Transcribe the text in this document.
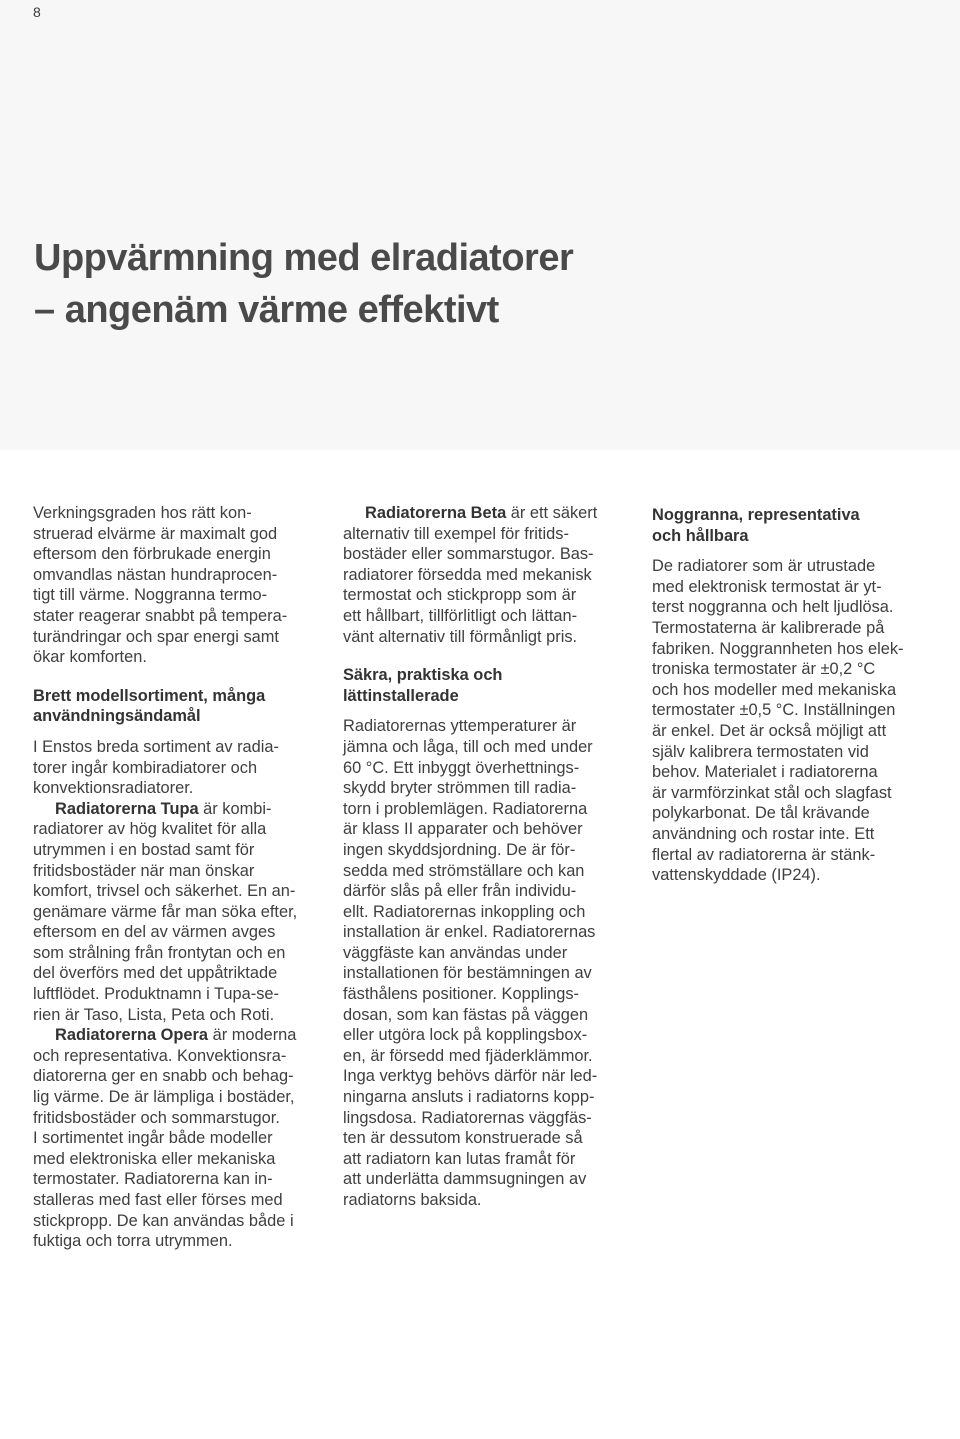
8
Uppvärmning med elradiatorer
– angenäm värme effektivt

Verkningsgraden hos rätt kon-
struerad elvärme är maximalt god
eftersom den förbrukade energin
omvandlas nästan hundraprocen-
tigt till värme. Noggranna termo-
stater reagerar snabbt på tempera-
turändringar och spar energi samt
ökar komforten.

Brett modellsortiment, många
användningsändamål

I Enstos breda sortiment av radia-
torer ingår kombiradiatorer och
konvektionsradiatorer.

Radiatorerna Tupa är kombi-
radiatorer av hög kvalitet för alla
utrymmen i en bostad samt för
fritidsbostäder när man önskar
komfort, trivsel och säkerhet. En an-
genämare värme får man söka efter,
eftersom en del av värmen avges
som strålning från frontytan och en
del överförs med det uppåtriktade
luftflödet. Produktnamn i Tupa-se-
rien är Taso, Lista, Peta och Roti.

Radiatorerna Opera är moderna
och representativa. Konvektionsra-
diatorerna ger en snabb och behag-
lig värme. De är lämpliga i bostäder,
fritidsbostäder och sommarstugor.
I sortimentet ingår både modeller
med elektroniska eller mekaniska
termostater. Radiatorerna kan in-
stalleras med fast eller förses med
stickpropp. De kan användas både i
fuktiga och torra utrymmen.

Radiatorerna Beta är ett säkert
alternativ till exempel för fritids-
bostäder eller sommarstugor. Bas-
radiatorer försedda med mekanisk
termostat och stickpropp som är
ett hållbart, tillförlitligt och lättan-
vänt alternativ till förmånligt pris.

Säkra, praktiska och
lättinstallerade

Radiatorernas yttemperaturer är
jämna och låga, till och med under
60 °C. Ett inbyggt överhettnings-
skydd bryter strömmen till radia-
torn i problemlägen. Radiatorerna
är klass II apparater och behöver
ingen skyddsjordning. De är för-
sedda med strömställare och kan
därför slås på eller från individu-
ellt. Radiatorernas inkoppling och
installation är enkel. Radiatorernas
väggfäste kan användas under
installationen för bestämningen av
fästhålens positioner. Kopplings-
dosan, som kan fästas på väggen
eller utgöra lock på kopplingsbox-
en, är försedd med fjäderklämmor.
Inga verktyg behövs därför när led-
ningarna ansluts i radiatorns kopp-
lingsdosa. Radiatorernas väggfäs-
ten är dessutom konstruerade så
att radiatorn kan lutas framåt för
att underlätta dammsugningen av
radiatorns baksida.

Noggranna, representativa
och hållbara

De radiatorer som är utrustade
med elektronisk termostat är yt-
terst noggranna och helt ljudlösa.
Termostaterna är kalibrerade på
fabriken. Noggrannheten hos elek-
troniska termostater är ±0,2 °C
och hos modeller med mekaniska
termostater ±0,5 °C. Inställningen
är enkel. Det är också möjligt att
själv kalibrera termostaten vid
behov. Materialet i radiatorerna
är varmförzinkat stål och slagfast
polykarbonat. De tål krävande
användning och rostar inte. Ett
flertal av radiatorerna är stänk-
vattenskyddade (IP24).
